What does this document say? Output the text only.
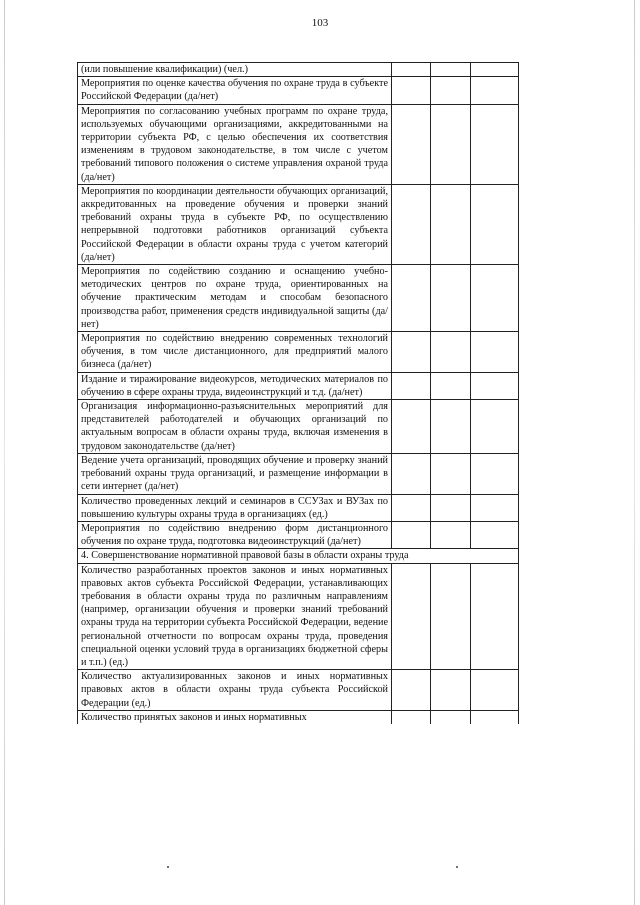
103
(или повышение квалификации) (чел.)			
Мероприятия по оценке качества обучения по охране труда в субъекте Российской Федерации (да/нет)			
Мероприятия по согласованию учебных программ по охране труда, используемых обучающими организациями, аккредитованными на территории субъекта РФ, с целью обеспечения их соответствия изменениям в трудовом законодательстве, в том числе с учетом требований типового положения о системе управления охраной труда (да/нет)			
Мероприятия по координации деятельности обучающих организаций, аккредитованных на проведение обучения и проверки знаний требований охраны труда в субъекте РФ, по осуществлению непрерывной подготовки работников организаций субъекта Российской Федерации в области охраны труда с учетом категорий (да/нет)			
Мероприятия по содействию созданию и оснащению учебно-методических центров по охране труда, ориентированных на обучение практическим методам и способам безопасного производства работ, применения средств индивидуальной защиты (да/нет)			
Мероприятия по содействию внедрению современных технологий обучения, в том числе дистанционного, для предприятий малого бизнеса (да/нет)			
Издание и тиражирование видеокурсов, методических материалов по обучению в сфере охраны труда, видеоинструкций и т.д. (да/нет)			
Организация информационно-разъяснительных мероприятий для представителей работодателей и обучающих организаций по актуальным вопросам в области охраны труда, включая изменения в трудовом законодательстве (да/нет)			
Ведение учета организаций, проводящих обучение и проверку знаний требований охраны труда организаций, и размещение информации в сети интернет (да/нет)			
Количество проведенных лекций и семинаров в ССУЗах и ВУЗах по повышению культуры охраны труда в организациях (ед.)			
Мероприятия по содействию внедрению форм дистанционного обучения по охране труда, подготовка видеоинструкций (да/нет)			
4. Совершенствование нормативной правовой базы в области охраны труда			
Количество разработанных проектов законов и иных нормативных правовых актов субъекта Российской Федерации, устанавливающих требования в области охраны труда по различным направлениям (например, организации обучения и проверки знаний требований охраны труда на территории субъекта Российской Федерации, ведение региональной отчетности по вопросам охраны труда, проведения специальной оценки условий труда в организациях бюджетной сферы и т.п.) (ед.)			
Количество актуализированных законов и иных нормативных правовых актов в области охраны труда субъекта Российской Федерации (ед.)			
Количество принятых законов и иных нормативных			
